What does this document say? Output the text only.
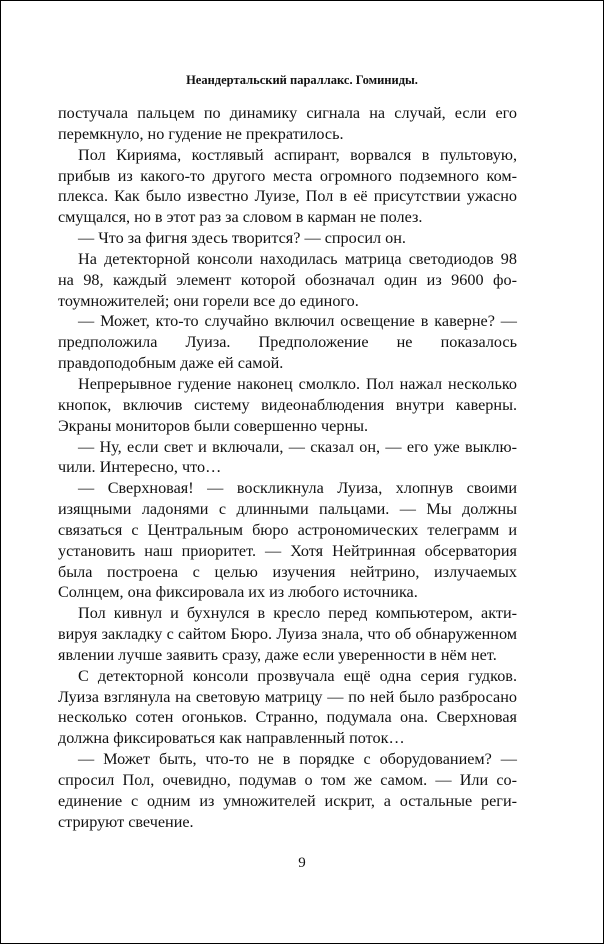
Неандертальский параллакс. Гоминиды.

постучала пальцем по динамику сигнала на случай, если его перемкнуло, но гудение не прекратилось.

Пол Кирияма, костлявый аспирант, ворвался в пультовую, прибыв из какого-то другого места огромного подземного комплекса. Как было известно Луизе, Пол в её присутствии ужасно смущался, но в этот раз за словом в карман не полез.

— Что за фигня здесь творится? — спросил он.

На детекторной консоли находилась матрица светодиодов 98 на 98, каждый элемент которой обозначал один из 9600 фотоумножителей; они горели все до единого.

— Может, кто-то случайно включил освещение в каверне? — предположила Луиза. Предположение не показалось правдоподобным даже ей самой.

Непрерывное гудение наконец смолкло. Пол нажал несколько кнопок, включив систему видеонаблюдения внутри каверны. Экраны мониторов были совершенно черны.

— Ну, если свет и включали, — сказал он, — его уже выключили. Интересно, что…

— Сверхновая! — воскликнула Луиза, хлопнув своими изящными ладонями с длинными пальцами. — Мы должны связаться с Центральным бюро астрономических телеграмм и установить наш приоритет. — Хотя Нейтринная обсерватория была построена с целью изучения нейтрино, излучаемых Солнцем, она фиксировала их из любого источника.

Пол кивнул и бухнулся в кресло перед компьютером, активируя закладку с сайтом Бюро. Луиза знала, что об обнаруженном явлении лучше заявить сразу, даже если уверенности в нём нет.

С детекторной консоли прозвучала ещё одна серия гудков. Луиза взглянула на световую матрицу — по ней было разбросано несколько сотен огоньков. Странно, подумала она. Сверхновая должна фиксироваться как направленный поток…

— Может быть, что-то не в порядке с оборудованием? — спросил Пол, очевидно, подумав о том же самом. — Или соединение с одним из умножителей искрит, а остальные регистрируют свечение.

9
